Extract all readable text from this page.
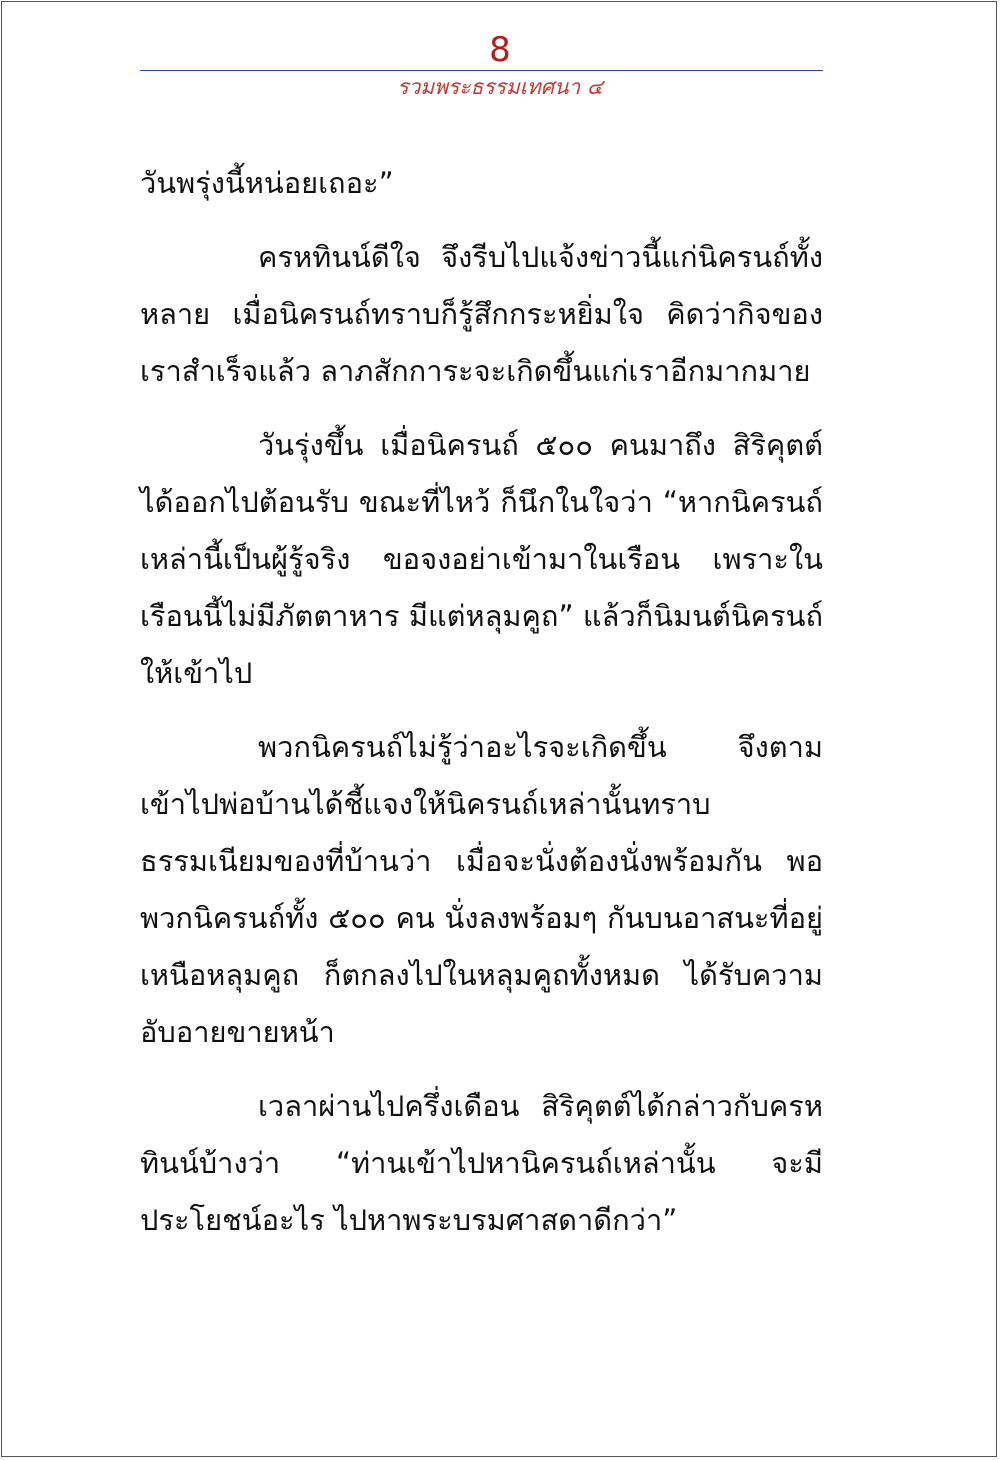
8
รวมพระธรรมเทศนา ๔

วันพรุ่งนี้หน่อยเถอะ”

ครหทินน์ดีใจ จึงรีบไปแจ้งข่าวนี้แก่นิครนถ์ทั้งหลาย เมื่อนิครนถ์ทราบก็รู้สึกกระหยิ่มใจ คิดว่ากิจของเราสำเร็จแล้ว ลาภสักการะจะเกิดขึ้นแก่เราอีกมากมาย

วันรุ่งขึ้น เมื่อนิครนถ์ ๕๐๐ คนมาถึง สิริคุตต์ได้ออกไปต้อนรับ ขณะที่ไหว้ ก็นึกในใจว่า “หากนิครนถ์เหล่านี้เป็นผู้รู้จริง ขอจงอย่าเข้ามาในเรือน เพราะในเรือนนี้ไม่มีภัตตาหาร มีแต่หลุมคูถ” แล้วก็นิมนต์นิครนถ์ให้เข้าไป

พวกนิครนถ์ไม่รู้ว่าอะไรจะเกิดขึ้น จึงตามเข้าไปพ่อบ้านได้ชี้แจงให้นิครนถ์เหล่านั้นทราบธรรมเนียมของที่บ้านว่า เมื่อจะนั่งต้องนั่งพร้อมกัน พอพวกนิครนถ์ทั้ง ๕๐๐ คน นั่งลงพร้อมๆ กันบนอาสนะที่อยู่เหนือหลุมคูถ ก็ตกลงไปในหลุมคูถทั้งหมด ได้รับความอับอายขายหน้า

เวลาผ่านไปครึ่งเดือน สิริคุตต์ได้กล่าวกับครหทินน์บ้างว่า “ท่านเข้าไปหานิครนถ์เหล่านั้น จะมีประโยชน์อะไร ไปหาพระบรมศาสดาดีกว่า”
